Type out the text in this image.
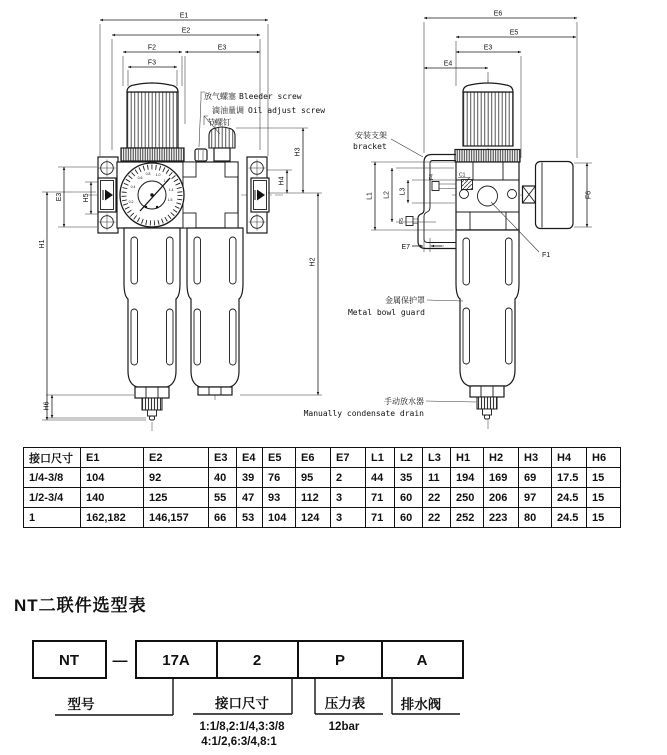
0.2
0.4
0.6
0.8 1.0
1.2
1.4
1.6
E1
E2
F2	E3
F3
H1
E3	H5
H6
H4
H3
H2
放气螺塞 Bleeder screw
滴油量调 Oil adjust screw
节螺钉
C1
F1
F4
F5
E6
E5
E3
E4
F6
L1 L2 L3
E7
安装支架
bracket
金属保护罩
Metal bowl guard
手动放水器
Manually condensate drain
接口尺寸	E1	E2	E3	E4	E5	E6	E7	L1	L2	L3	H1	H2	H3	H4	H6
1/4-3/8	104	92	40	39	76	95	2	44	35	11	194	169	69	17.5	15
1/2-3/4	140	125	55	47	93	112	3	71	60	22	250	206	97	24.5	15
1	162,182	146,157	66	53	104	124	3	71	60	22	252	223	80	24.5	15
NT二联件选型表
—
NT	17A	2	P	A
型号	接口尺寸	压力表	排水阀
1:1/8,2:1/4,3:3/8
4:1/2,6:3/4,8:1
12bar
